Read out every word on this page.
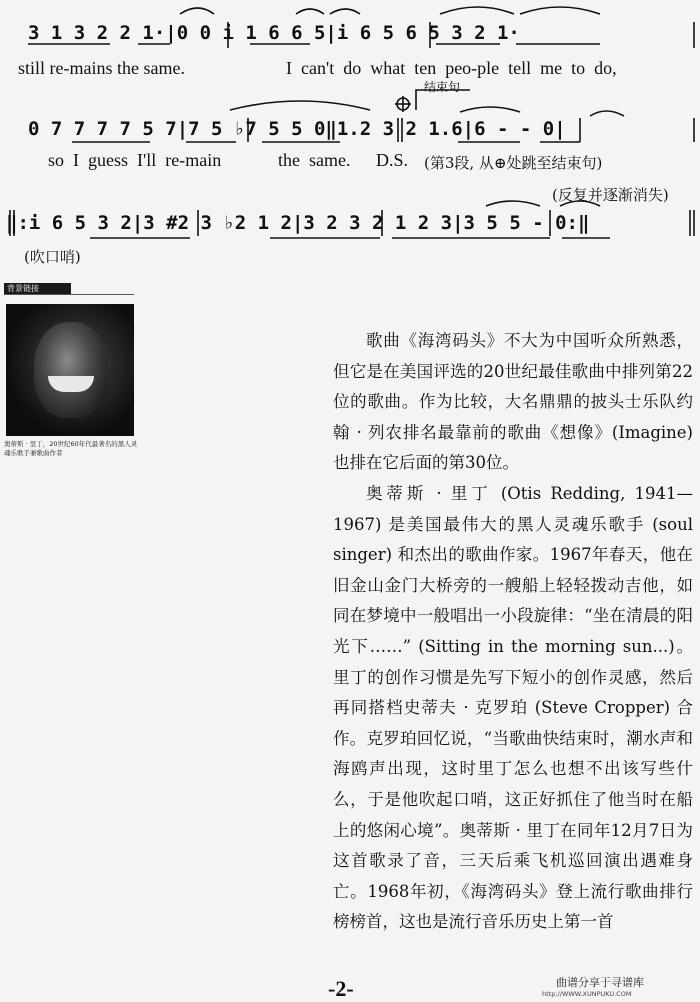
3 1 3 2 2 1·|0 0 i 1 6 6 5|i 6 5 6 5 3 2 1·
still re-mains the same.	I  can't  do  what  ten  peo-ple  tell  me  to  do,
结束句
0 7 7 7 7 5 7|7 5 ♭7 5 5 0‖1.2 3 2 1.6|6 - - 0|
so  I  guess  I'll  re-main	the  same. D.S. (第3段, 从⊕处跳至结束句)
(反复并逐渐消失)
‖:i 6 5 3 2|3 #2 3 ♭2 1 2|3 2 3 2 1 2 3|3 5 5 - 0:‖
(吹口哨)
背景链接
奥蒂斯 · 里丁，20世纪60年代最著名的黑人灵魂乐歌手兼歌曲作者

歌曲《海湾码头》不大为中国听众所熟悉，但它是在美国评选的20世纪最佳歌曲中排列第22位的歌曲。作为比较，大名鼎鼎的披头士乐队约翰 · 列农排名最靠前的歌曲《想像》(Imagine) 也排在它后面的第30位。

奥蒂斯 · 里丁 (Otis Redding, 1941—1967) 是美国最伟大的黑人灵魂乐歌手 (soul singer) 和杰出的歌曲作家。1967年春天，他在旧金山金门大桥旁的一艘船上轻轻拨动吉他，如同在梦境中一般唱出一小段旋律：“坐在清晨的阳光下……” (Sitting in the morning sun...)。里丁的创作习惯是先写下短小的创作灵感，然后再同搭档史蒂夫 · 克罗珀 (Steve Cropper) 合作。克罗珀回忆说，“当歌曲快结束时，潮水声和海鸥声出现，这时里丁怎么也想不出该写些什么，于是他吹起口哨，这正好抓住了他当时在船上的悠闲心境”。奥蒂斯 · 里丁在同年12月7日为这首歌录了音，三天后乘飞机巡回演出遇难身亡。1968年初，《海湾码头》登上流行歌曲排行榜榜首，这也是流行音乐历史上第一首

-2-	曲谱分享于寻谱库
http://WWW.XUNPUKU.COM
